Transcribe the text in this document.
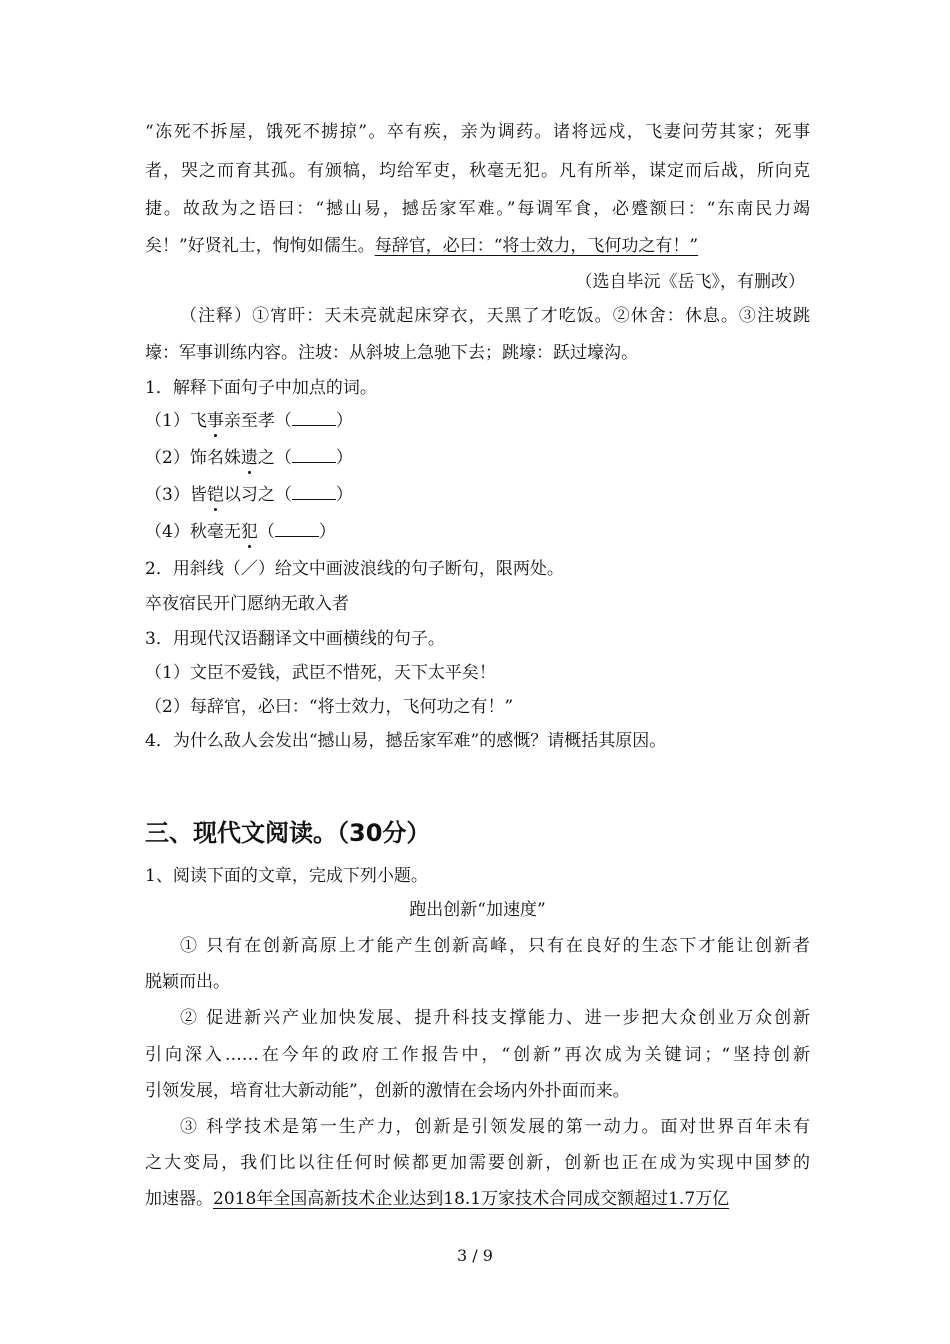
“冻死不拆屋，饿死不掳掠”。卒有疾，亲为调药。诸将远戍，飞妻问劳其家；死事
者，哭之而育其孤。有颁犒，均给军吏，秋毫无犯。凡有所举，谋定而后战，所向克
捷。故敌为之语曰：“撼山易，撼岳家军难。”每调军食，必蹙额曰：“东南民力竭
矣！”好贤礼士，恂恂如儒生。每辞官，必曰：“将士效力，飞何功之有！”
（选自毕沅《岳飞》，有删改）
（注释）①宵旰：天未亮就起床穿衣，天黑了才吃饭。②休舍：休息。③注坡跳
壕：军事训练内容。注坡：从斜坡上急驰下去；跳壕：跃过壕沟。
1．解释下面句子中加点的词。
（1）飞事亲至孝（	）
（2）饰名姝遗之（	）
（3）皆铠以习之（	）
（4）秋毫无犯（	）
2．用斜线（／）给文中画波浪线的句子断句，限两处。
卒夜宿民开门愿纳无敢入者
3．用现代汉语翻译文中画横线的句子。
（1）文臣不爱钱，武臣不惜死，天下太平矣！
（2）每辞官，必曰：“将士效力，飞何功之有！”
4．为什么敌人会发出“撼山易，撼岳家军难”的感慨？请概括其原因。
三、现代文阅读。（30分）
1、阅读下面的文章，完成下列小题。
跑出创新“加速度”
① 只有在创新高原上才能产生创新高峰，只有在良好的生态下才能让创新者
脱颖而出。
② 促进新兴产业加快发展、提升科技支撑能力、进一步把大众创业万众创新
引向深入……在今年的政府工作报告中，“创新”再次成为关键词；“坚持创新
引领发展，培育壮大新动能”，创新的激情在会场内外扑面而来。
③ 科学技术是第一生产力，创新是引领发展的第一动力。面对世界百年未有
之大变局，我们比以往任何时候都更加需要创新，创新也正在成为实现中国梦的
加速器。2018年全国高新技术企业达到18.1万家技术合同成交额超过1.7万亿
3 / 9
